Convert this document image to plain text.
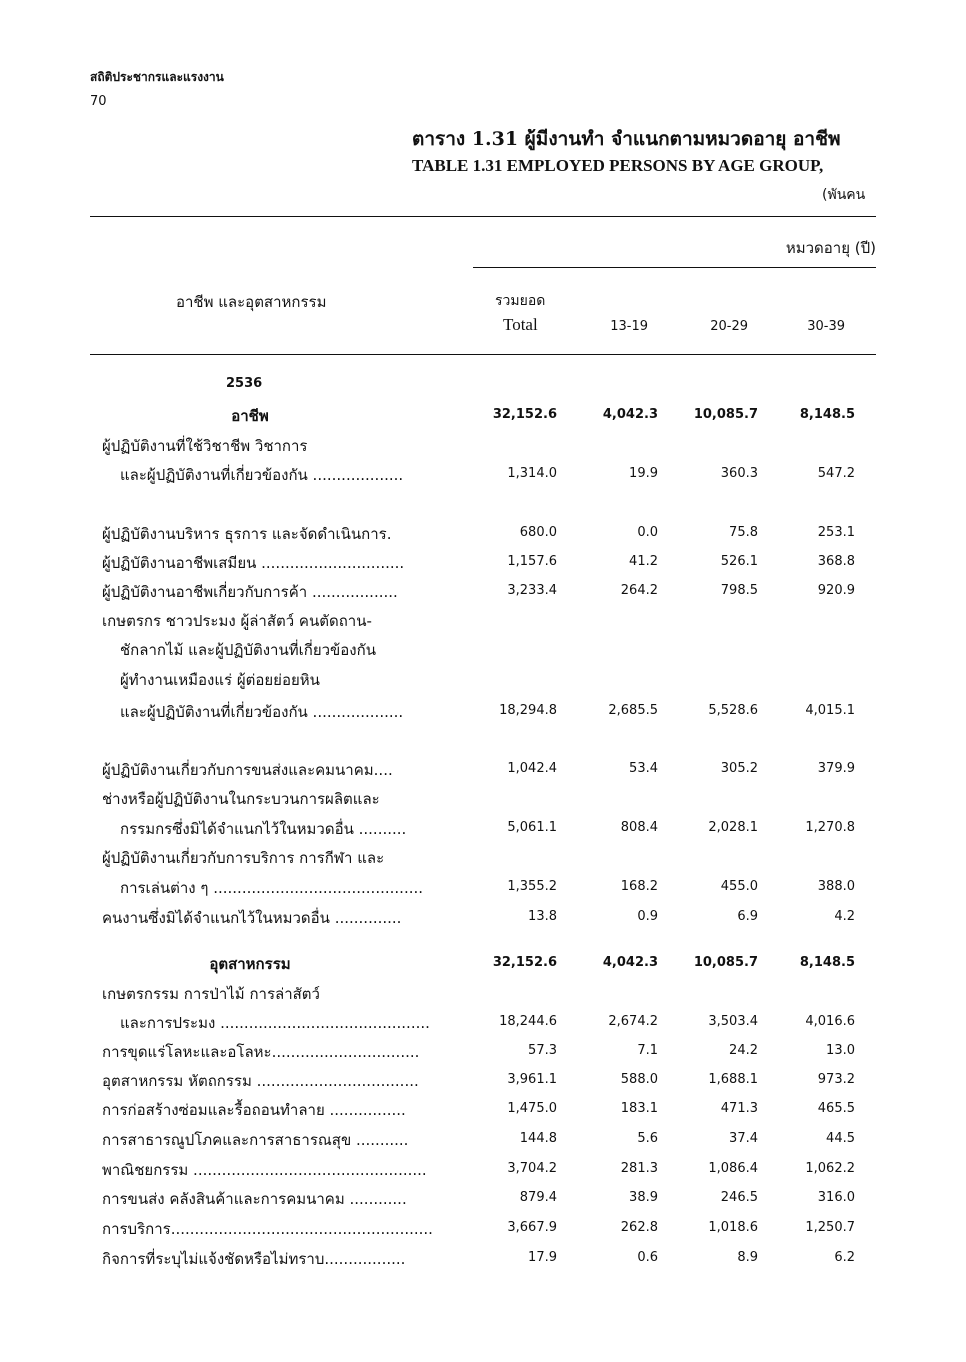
สถิติประชากรและแรงงาน
70
ตาราง 1.31 ผู้มีงานทำ จำแนกตามหมวดอายุ อาชีพ
TABLE 1.31 EMPLOYED PERSONS BY AGE GROUP,
(พันคน
หมวดอายุ (ปี)
อาชีพ และอุตสาหกรรม	รวมยอด
Total	13-19	20-29	30-39
2536
อาชีพ	32,152.6	4,042.3	10,085.7	8,148.5
ผู้ปฏิบัติงานที่ใช้วิชาชีพ วิชาการ
และผู้ปฏิบัติงานที่เกี่ยวข้องกัน ...................	1,314.0	19.9	360.3	547.2
ผู้ปฏิบัติงานบริหาร ธุรการ และจัดดำเนินการ.	680.0	0.0	75.8	253.1
ผู้ปฏิบัติงานอาชีพเสมียน ..............................	1,157.6	41.2	526.1	368.8
ผู้ปฏิบัติงานอาชีพเกี่ยวกับการค้า ..................	3,233.4	264.2	798.5	920.9
เกษตรกร ชาวประมง ผู้ล่าสัตว์ คนตัดถาน-
ชักลากไม้ และผู้ปฏิบัติงานที่เกี่ยวข้องกัน
ผู้ทำงานเหมืองแร่ ผู้ต่อยย่อยหิน
และผู้ปฏิบัติงานที่เกี่ยวข้องกัน ...................	18,294.8	2,685.5	5,528.6	4,015.1
ผู้ปฏิบัติงานเกี่ยวกับการขนส่งและคมนาคม....	1,042.4	53.4	305.2	379.9
ช่างหรือผู้ปฏิบัติงานในกระบวนการผลิตและ
กรรมกรซึ่งมิได้จำแนกไว้ในหมวดอื่น ..........	5,061.1	808.4	2,028.1	1,270.8
ผู้ปฏิบัติงานเกี่ยวกับการบริการ การกีฬา และ
การเล่นต่าง ๆ ............................................	1,355.2	168.2	455.0	388.0
คนงานซึ่งมิได้จำแนกไว้ในหมวดอื่น ..............	13.8	0.9	6.9	4.2
อุตสาหกรรม	32,152.6	4,042.3	10,085.7	8,148.5
เกษตรกรรม การป่าไม้ การล่าสัตว์
และการประมง ............................................	18,244.6	2,674.2	3,503.4	4,016.6
การขุดแร่โลหะและอโลหะ...............................	57.3	7.1	24.2	13.0
อุตสาหกรรม หัตถกรรม ..................................	3,961.1	588.0	1,688.1	973.2
การก่อสร้างซ่อมและรื้อถอนทำลาย ................	1,475.0	183.1	471.3	465.5
การสาธารณูปโภคและการสาธารณสุข ...........	144.8	5.6	37.4	44.5
พาณิชยกรรม .................................................	3,704.2	281.3	1,086.4	1,062.2
การขนส่ง คลังสินค้าและการคมนาคม ............	879.4	38.9	246.5	316.0
การบริการ.......................................................	3,667.9	262.8	1,018.6	1,250.7
กิจการที่ระบุไม่แจ้งชัดหรือไม่ทราบ.................	17.9	0.6	8.9	6.2
